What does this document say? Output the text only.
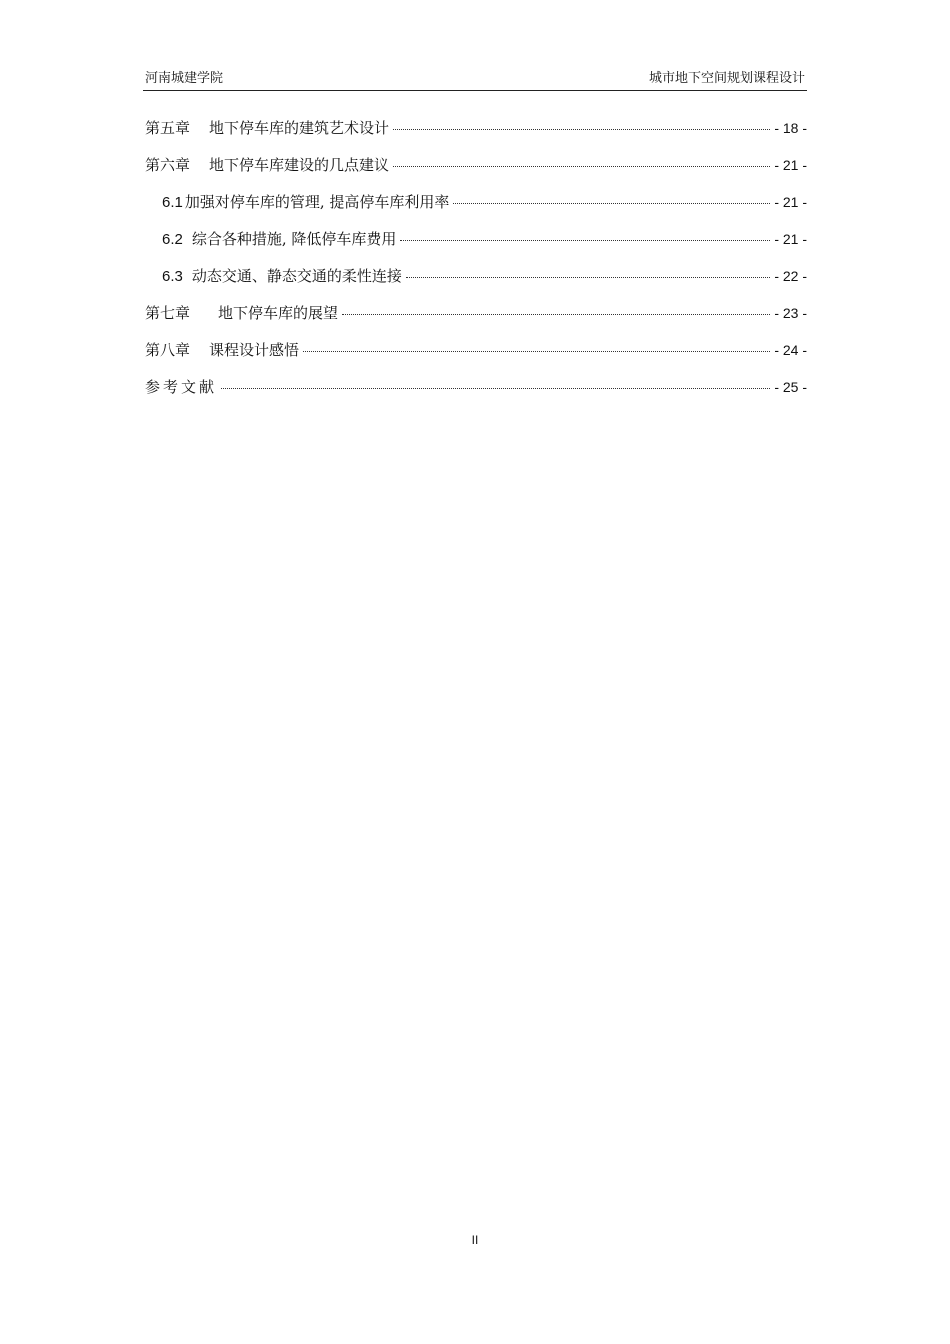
河南城建学院	城市地下空间规划课程设计
第五章 地下停车库的建筑艺术设计	- 18 -
第六章 地下停车库建设的几点建议	- 21 -
6.1 加强对停车库的管理, 提高停车库利用率	- 21 -
6.2 综合各种措施, 降低停车库费用	- 21 -
6.3 动态交通、静态交通的柔性连接	- 22 -
第七章 地下停车库的展望	- 23 -
第八章 课程设计感悟	- 24 -
参考文献	- 25 -
II
